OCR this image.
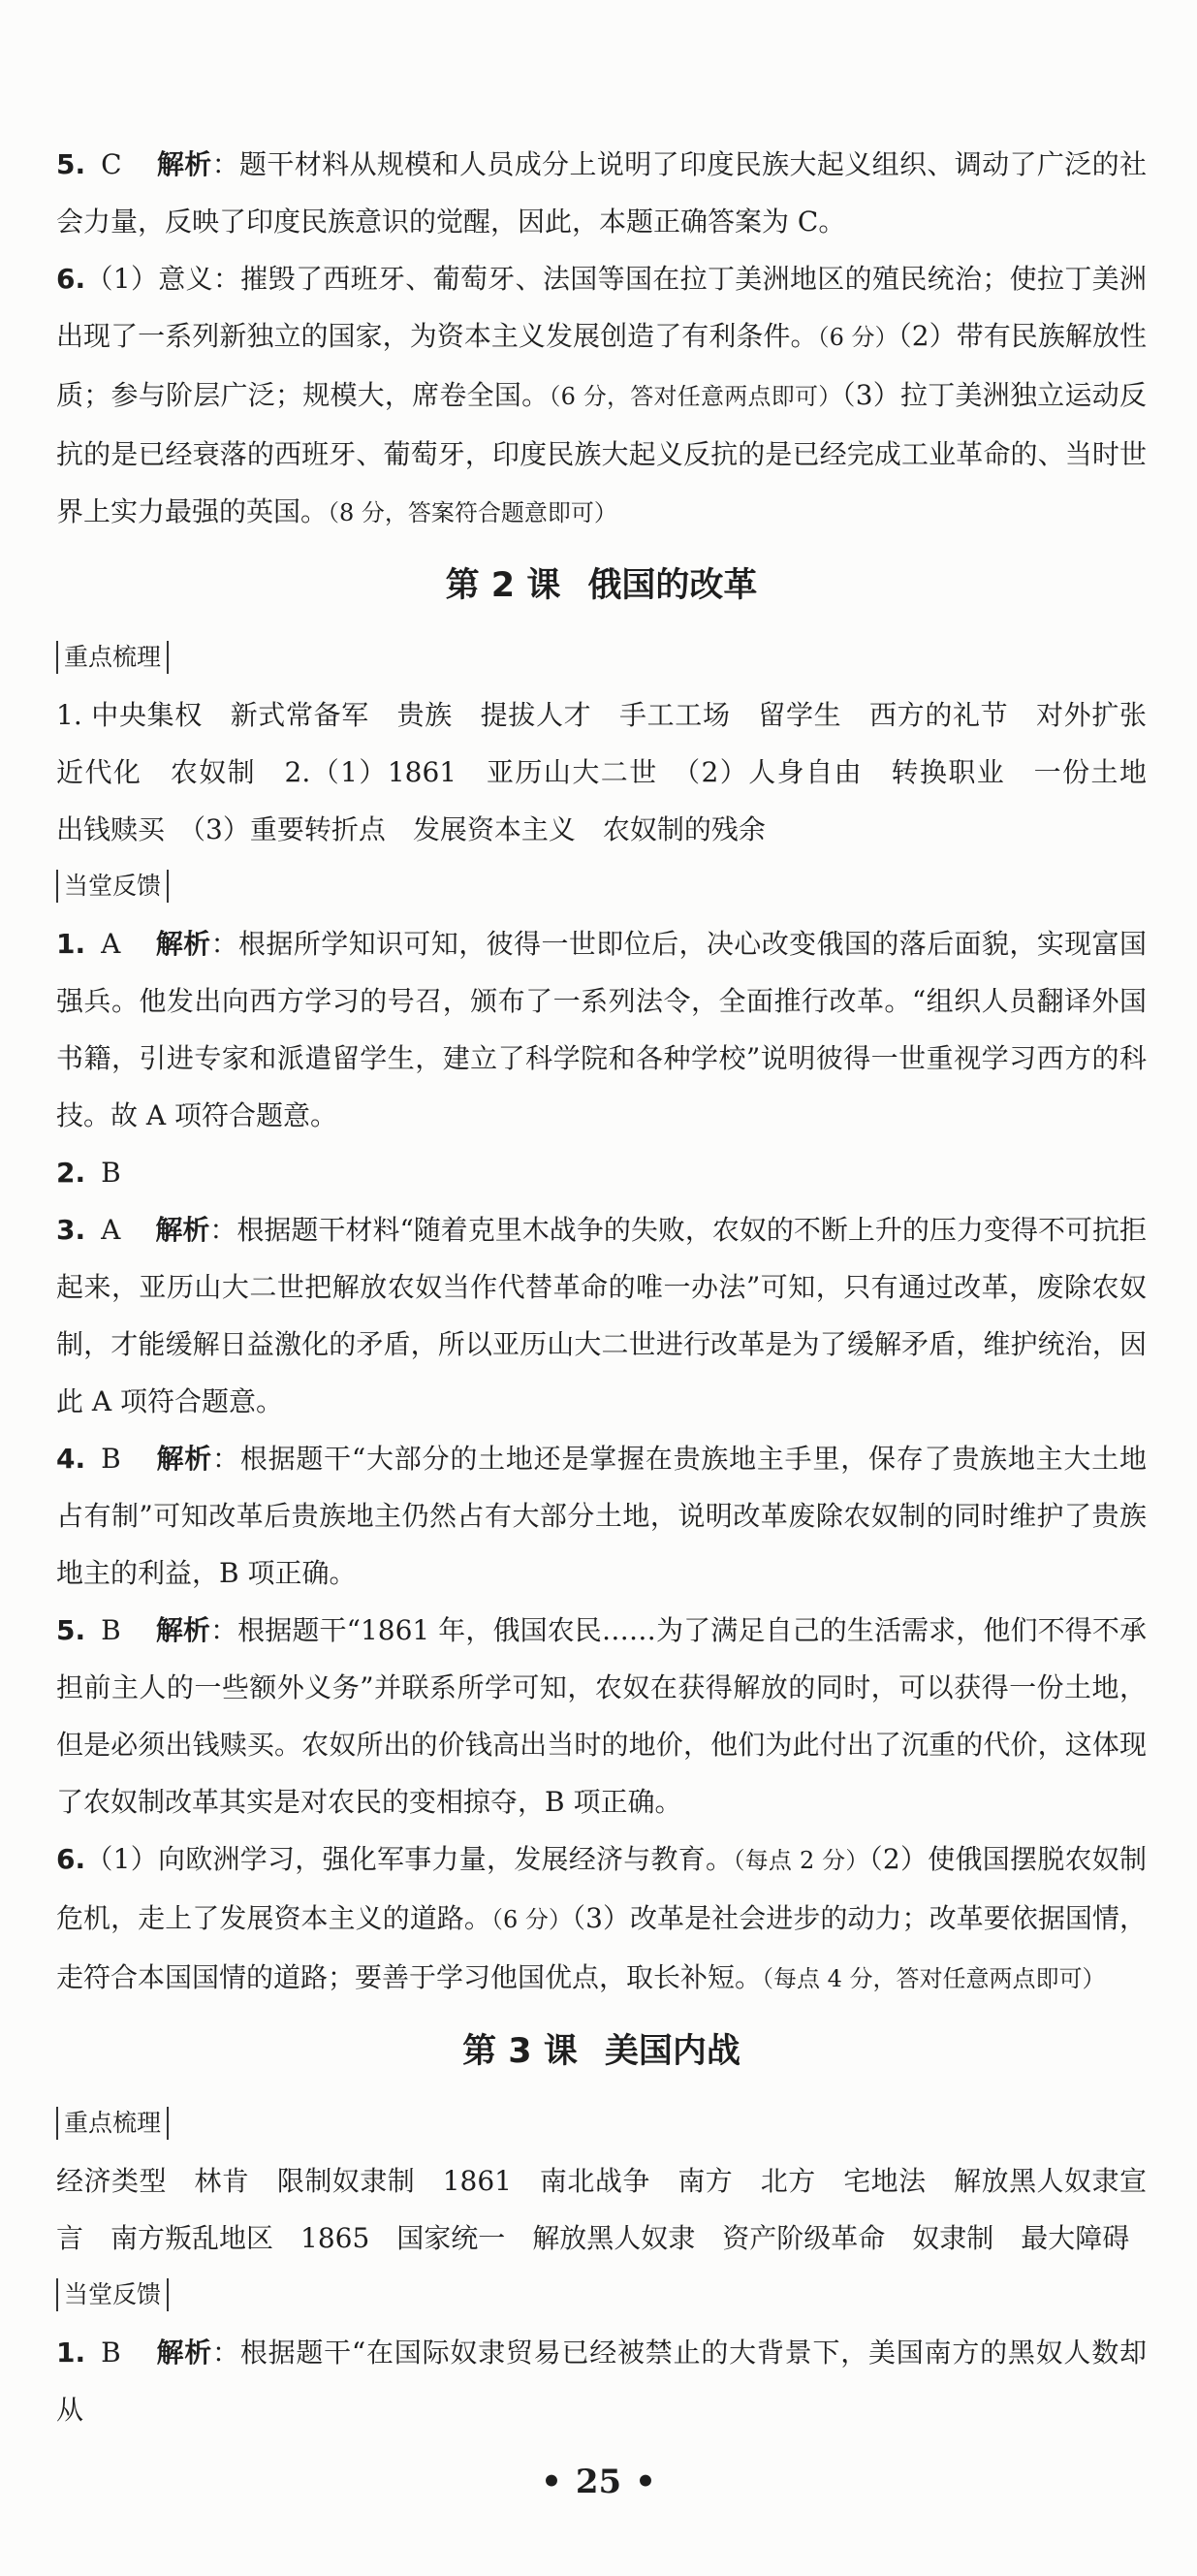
5. C 解析：题干材料从规模和人员成分上说明了印度民族大起义组织、调动了广泛的社会力量，反映了印度民族意识的觉醒，因此，本题正确答案为 C。

6.（1）意义：摧毁了西班牙、葡萄牙、法国等国在拉丁美洲地区的殖民统治；使拉丁美洲出现了一系列新独立的国家，为资本主义发展创造了有利条件。（6 分）（2）带有民族解放性质；参与阶层广泛；规模大，席卷全国。（6 分，答对任意两点即可）（3）拉丁美洲独立运动反抗的是已经衰落的西班牙、葡萄牙，印度民族大起义反抗的是已经完成工业革命的、当时世界上实力最强的英国。（8 分，答案符合题意即可）

第 2 课 俄国的改革
重点梳理

1. 中央集权　新式常备军　贵族　提拔人才　手工工场　留学生　西方的礼节　对外扩张　近代化　农奴制　2.（1）1861　亚历山大二世　（2）人身自由　转换职业　一份土地　出钱赎买　（3）重要转折点　发展资本主义　农奴制的残余

当堂反馈

1. A 解析：根据所学知识可知，彼得一世即位后，决心改变俄国的落后面貌，实现富国强兵。他发出向西方学习的号召，颁布了一系列法令，全面推行改革。“组织人员翻译外国书籍，引进专家和派遣留学生，建立了科学院和各种学校”说明彼得一世重视学习西方的科技。故 A 项符合题意。

2. B

3. A 解析：根据题干材料“随着克里木战争的失败，农奴的不断上升的压力变得不可抗拒起来，亚历山大二世把解放农奴当作代替革命的唯一办法”可知，只有通过改革，废除农奴制，才能缓解日益激化的矛盾，所以亚历山大二世进行改革是为了缓解矛盾，维护统治，因此 A 项符合题意。

4. B 解析：根据题干“大部分的土地还是掌握在贵族地主手里，保存了贵族地主大土地占有制”可知改革后贵族地主仍然占有大部分土地，说明改革废除农奴制的同时维护了贵族地主的利益，B 项正确。

5. B 解析：根据题干“1861 年，俄国农民……为了满足自己的生活需求，他们不得不承担前主人的一些额外义务”并联系所学可知，农奴在获得解放的同时，可以获得一份土地，但是必须出钱赎买。农奴所出的价钱高出当时的地价，他们为此付出了沉重的代价，这体现了农奴制改革其实是对农民的变相掠夺，B 项正确。

6.（1）向欧洲学习，强化军事力量，发展经济与教育。（每点 2 分）（2）使俄国摆脱农奴制危机，走上了发展资本主义的道路。（6 分）（3）改革是社会进步的动力；改革要依据国情，走符合本国国情的道路；要善于学习他国优点，取长补短。（每点 4 分，答对任意两点即可）

第 3 课 美国内战
重点梳理

经济类型　林肯　限制奴隶制　1861　南北战争　南方　北方　宅地法　解放黑人奴隶宣言　南方叛乱地区　1865　国家统一　解放黑人奴隶　资产阶级革命　奴隶制　最大障碍

当堂反馈

1. B 解析：根据题干“在国际奴隶贸易已经被禁止的大背景下，美国南方的黑奴人数却从

• 25 •
